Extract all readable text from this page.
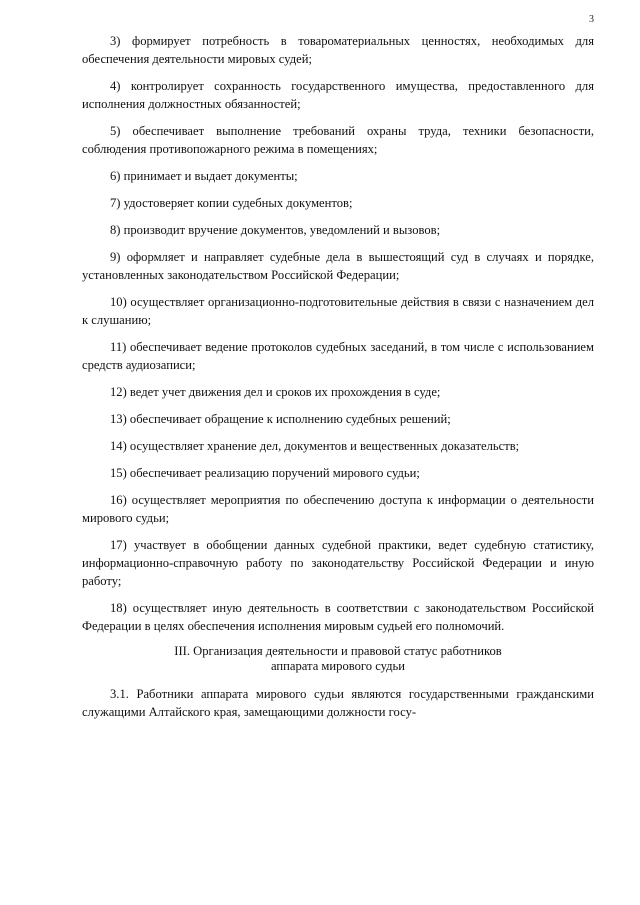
3

3) формирует потребность в товароматериальных ценностях, необходимых для обеспечения деятельности мировых судей;

4) контролирует сохранность государственного имущества, предоставленного для исполнения должностных обязанностей;

5) обеспечивает выполнение требований охраны труда, техники безопасности, соблюдения противопожарного режима в помещениях;

6) принимает и выдает документы;

7) удостоверяет копии судебных документов;

8) производит вручение документов, уведомлений и вызовов;

9) оформляет и направляет судебные дела в вышестоящий суд в случаях и порядке, установленных законодательством Российской Федерации;

10) осуществляет организационно-подготовительные действия в связи с назначением дел к слушанию;

11) обеспечивает ведение протоколов судебных заседаний, в том числе с использованием средств аудиозаписи;

12) ведет учет движения дел и сроков их прохождения в суде;

13) обеспечивает обращение к исполнению судебных решений;

14) осуществляет хранение дел, документов и вещественных доказательств;

15) обеспечивает реализацию поручений мирового судьи;

16) осуществляет мероприятия по обеспечению доступа к информации о деятельности мирового судьи;

17) участвует в обобщении данных судебной практики, ведет судебную статистику, информационно-справочную работу по законодательству Российской Федерации и иную работу;

18) осуществляет иную деятельность в соответствии с законодательством Российской Федерации в целях обеспечения исполнения мировым судьей его полномочий.

III. Организация деятельности и правовой статус работников
аппарата мирового судьи

3.1. Работники аппарата мирового судьи являются государственными гражданскими служащими Алтайского края, замещающими должности госу-
